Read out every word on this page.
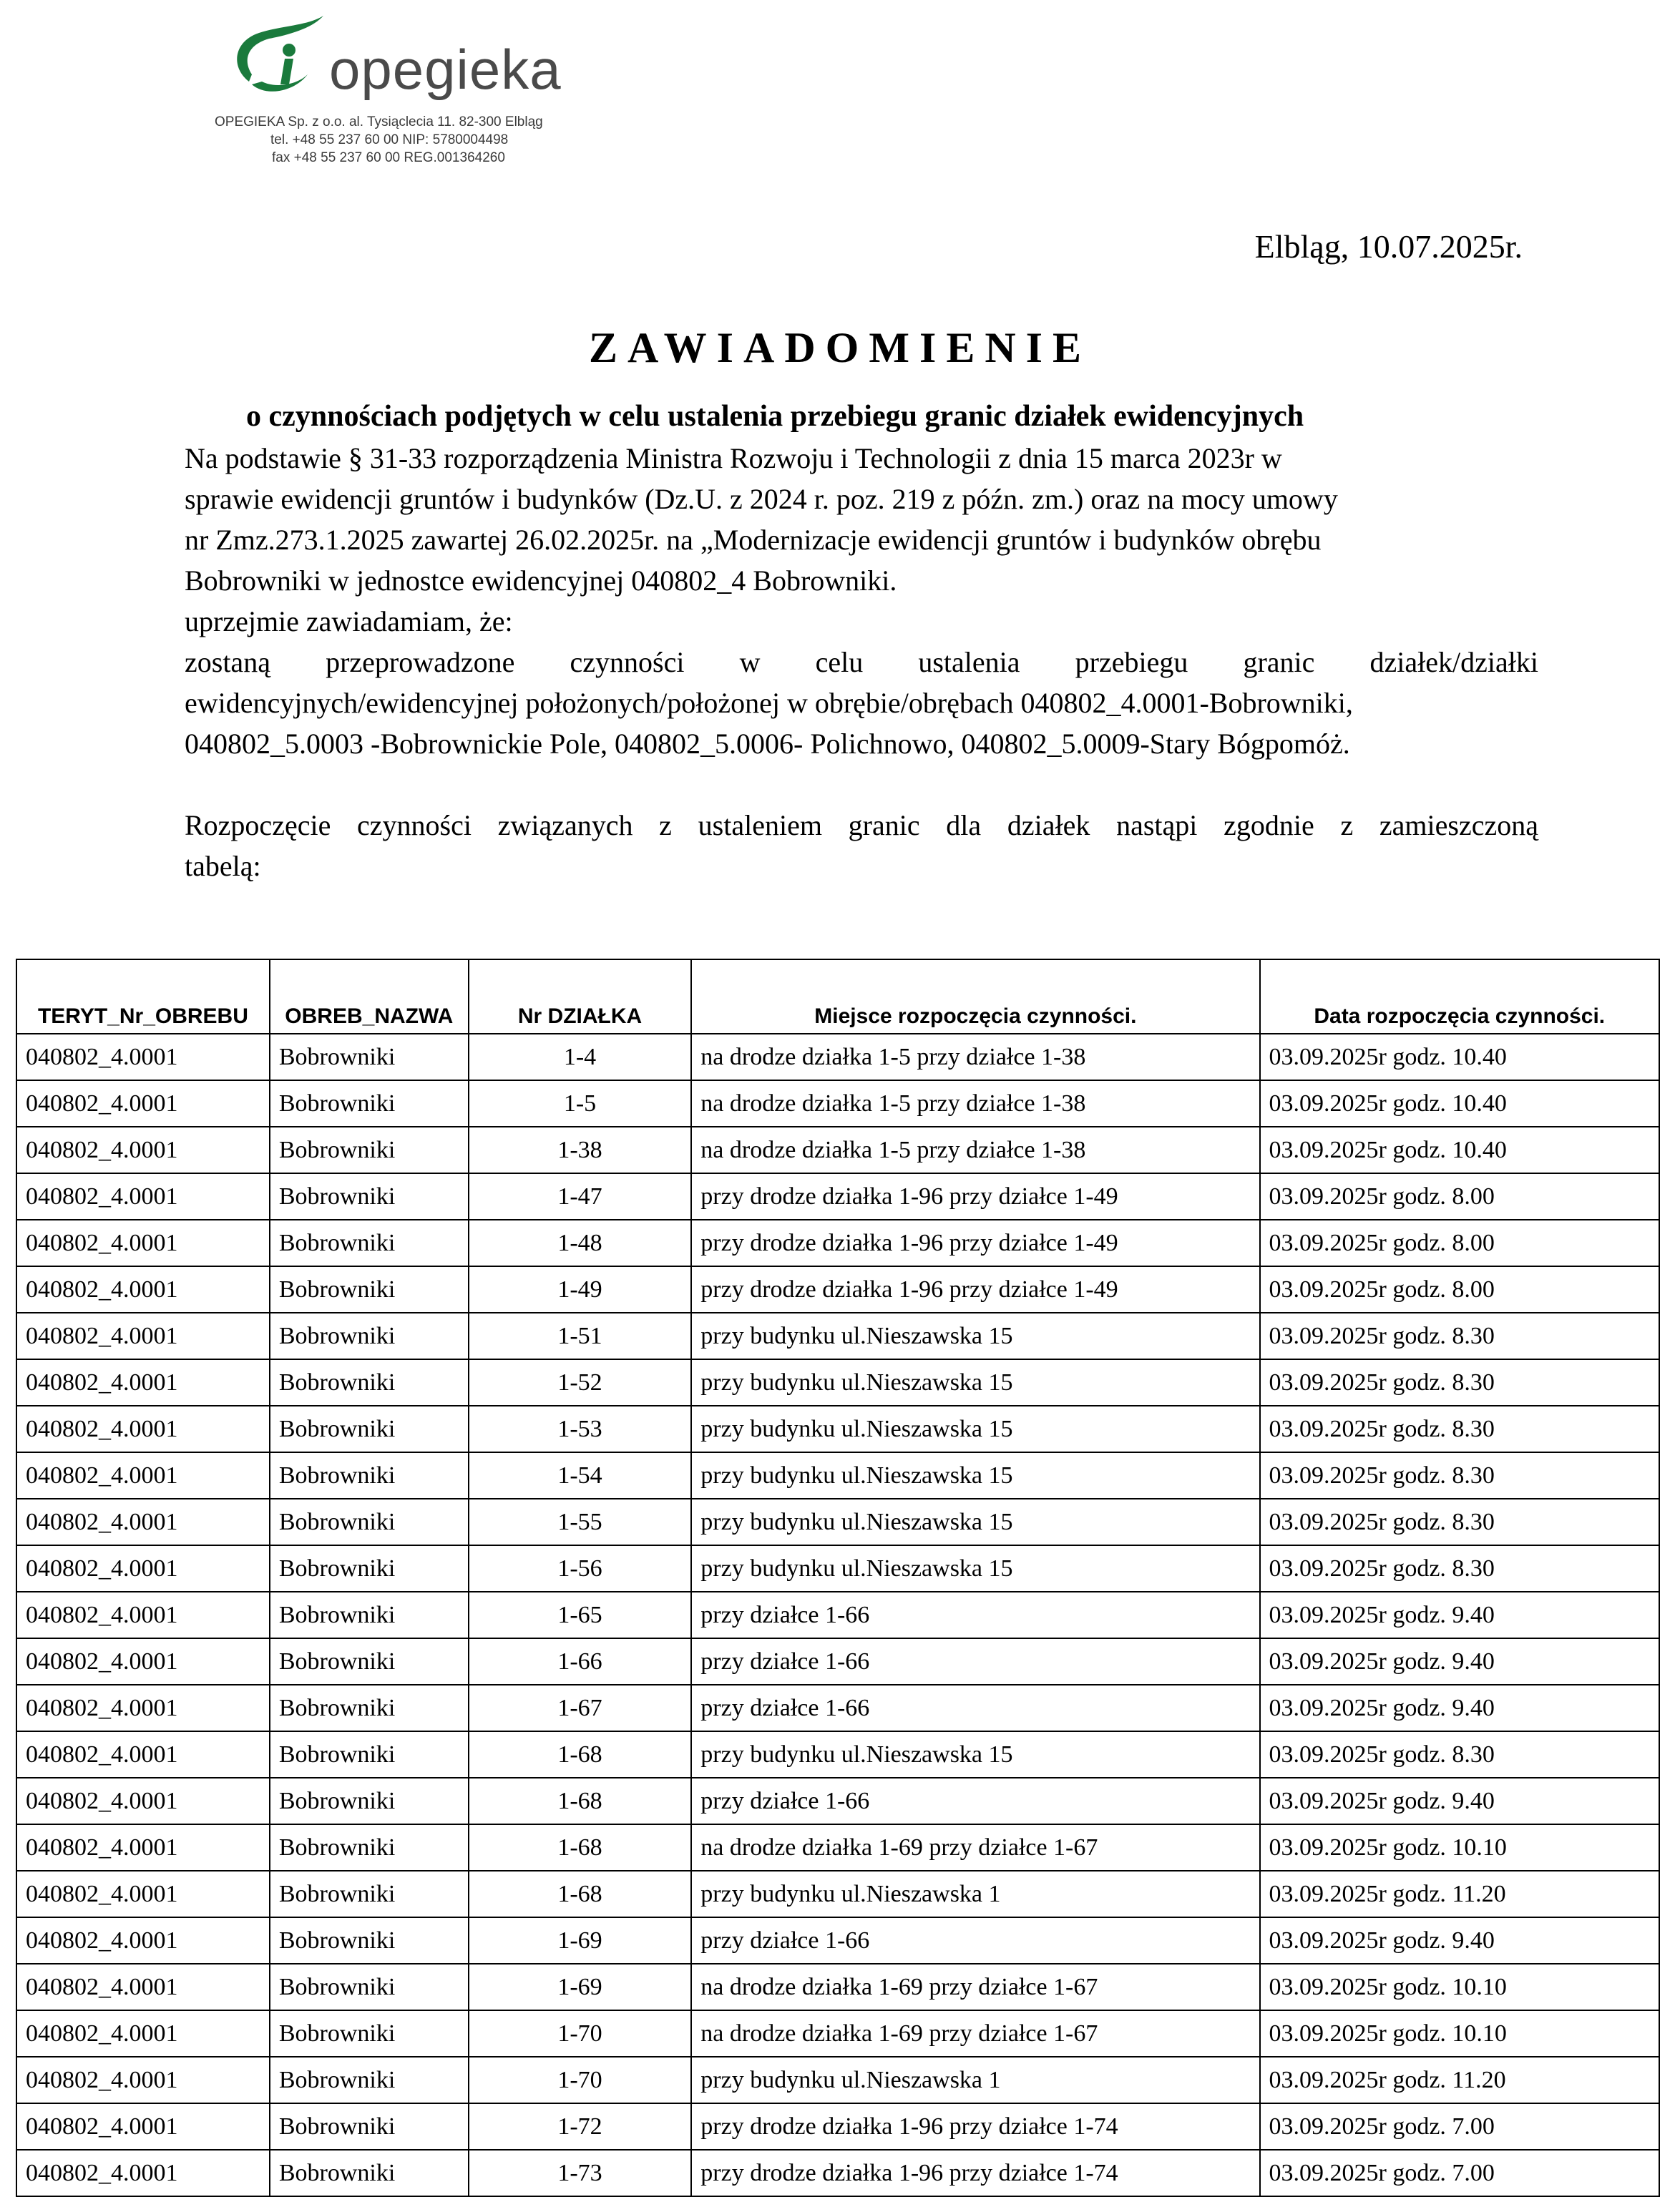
opegieka
OPEGIEKA Sp. z o.o. al. Tysiąclecia 11. 82-300 Elbląg
tel. +48 55 237 60 00 NIP: 5780004498
fax +48 55 237 60 00 REG.001364260
Elbląg, 10.07.2025r.
ZAWIADOMIENIE
o czynnościach podjętych w celu ustalenia przebiegu granic działek ewidencyjnych

Na podstawie § 31-33 rozporządzenia Ministra Rozwoju i Technologii z dnia 15 marca 2023r w

sprawie ewidencji gruntów i budynków (Dz.U. z 2024 r. poz. 219 z późn. zm.) oraz na mocy umowy

nr Zmz.273.1.2025 zawartej 26.02.2025r. na „Modernizacje ewidencji gruntów i budynków obrębu

Bobrowniki w jednostce ewidencyjnej 040802_4 Bobrowniki.

uprzejmie zawiadamiam, że:

zostaną przeprowadzone czynności w celu ustalenia przebiegu granic działek/działki

ewidencyjnych/ewidencyjnej położonych/położonej w obrębie/obrębach 040802_4.0001-Bobrowniki,

040802_5.0003 -Bobrownickie Pole, 040802_5.0006- Polichnowo, 040802_5.0009-Stary Bógpomóż.

Rozpoczęcie czynności związanych z ustaleniem granic dla działek nastąpi zgodnie z zamieszczoną

tabelą:

TERYT_Nr_OBREBU	OBREB_NAZWA	Nr DZIAŁKA	Miejsce rozpoczęcia czynności.	Data rozpoczęcia czynności.
040802_4.0001	Bobrowniki	1-4	na drodze działka 1-5 przy działce 1-38	03.09.2025r godz. 10.40
040802_4.0001	Bobrowniki	1-5	na drodze działka 1-5 przy działce 1-38	03.09.2025r godz. 10.40
040802_4.0001	Bobrowniki	1-38	na drodze działka 1-5 przy działce 1-38	03.09.2025r godz. 10.40
040802_4.0001	Bobrowniki	1-47	przy drodze działka 1-96 przy działce 1-49	03.09.2025r godz. 8.00
040802_4.0001	Bobrowniki	1-48	przy drodze działka 1-96 przy działce 1-49	03.09.2025r godz. 8.00
040802_4.0001	Bobrowniki	1-49	przy drodze działka 1-96 przy działce 1-49	03.09.2025r godz. 8.00
040802_4.0001	Bobrowniki	1-51	przy budynku ul.Nieszawska 15	03.09.2025r godz. 8.30
040802_4.0001	Bobrowniki	1-52	przy budynku ul.Nieszawska 15	03.09.2025r godz. 8.30
040802_4.0001	Bobrowniki	1-53	przy budynku ul.Nieszawska 15	03.09.2025r godz. 8.30
040802_4.0001	Bobrowniki	1-54	przy budynku ul.Nieszawska 15	03.09.2025r godz. 8.30
040802_4.0001	Bobrowniki	1-55	przy budynku ul.Nieszawska 15	03.09.2025r godz. 8.30
040802_4.0001	Bobrowniki	1-56	przy budynku ul.Nieszawska 15	03.09.2025r godz. 8.30
040802_4.0001	Bobrowniki	1-65	przy działce 1-66	03.09.2025r godz. 9.40
040802_4.0001	Bobrowniki	1-66	przy działce 1-66	03.09.2025r godz. 9.40
040802_4.0001	Bobrowniki	1-67	przy działce 1-66	03.09.2025r godz. 9.40
040802_4.0001	Bobrowniki	1-68	przy budynku ul.Nieszawska 15	03.09.2025r godz. 8.30
040802_4.0001	Bobrowniki	1-68	przy działce 1-66	03.09.2025r godz. 9.40
040802_4.0001	Bobrowniki	1-68	na drodze działka 1-69 przy działce 1-67	03.09.2025r godz. 10.10
040802_4.0001	Bobrowniki	1-68	przy budynku ul.Nieszawska 1	03.09.2025r godz. 11.20
040802_4.0001	Bobrowniki	1-69	przy działce 1-66	03.09.2025r godz. 9.40
040802_4.0001	Bobrowniki	1-69	na drodze działka 1-69 przy działce 1-67	03.09.2025r godz. 10.10
040802_4.0001	Bobrowniki	1-70	na drodze działka 1-69 przy działce 1-67	03.09.2025r godz. 10.10
040802_4.0001	Bobrowniki	1-70	przy budynku ul.Nieszawska 1	03.09.2025r godz. 11.20
040802_4.0001	Bobrowniki	1-72	przy drodze działka 1-96 przy działce 1-74	03.09.2025r godz. 7.00
040802_4.0001	Bobrowniki	1-73	przy drodze działka 1-96 przy działce 1-74	03.09.2025r godz. 7.00
